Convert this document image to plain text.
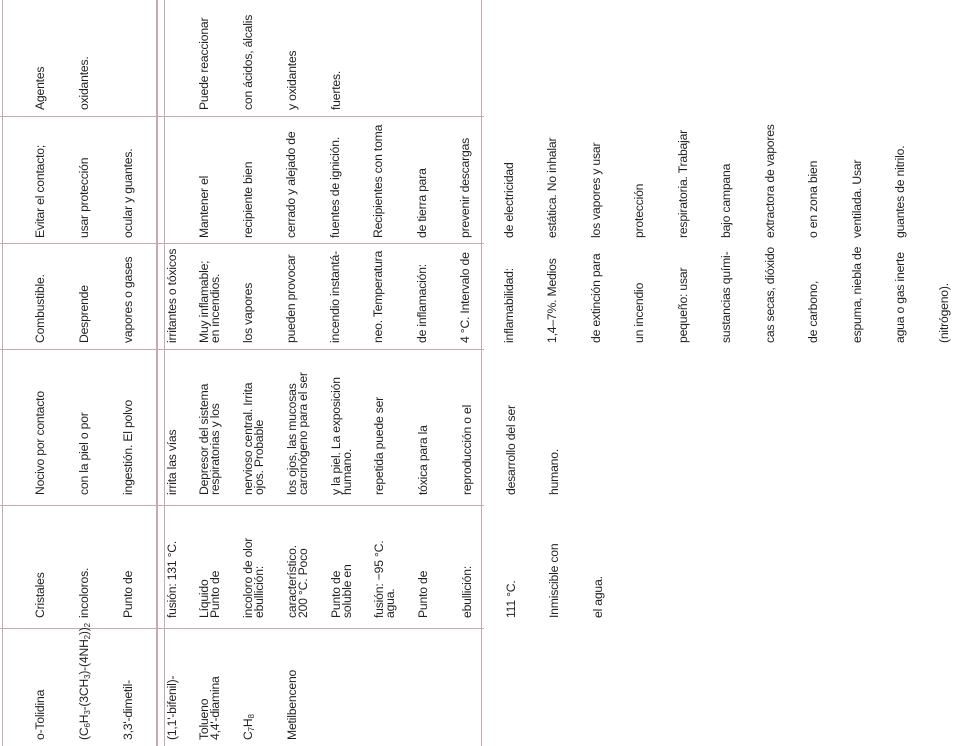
o-Tolidina

$(C_6H_3-(3CH_3)-(4NH_2))_2$

3,3'-dimetil-

(1,1'-bifenil)-

4,4'-diamina

Cristales

incoloros.

Punto de

fusión: 131 °C.

Punto de

ebullición:

200 °C. Poco

soluble en

agua.

Nocivo por contacto

con la piel o por

ingestión. El polvo

irrita las vías

respiratorias y los

ojos. Probable

carcinógeno para el ser

humano.

Combustible.

Desprende

vapores o gases

irritantes o tóxicos

en incendios.

Evitar el contacto;

usar protección

ocular y guantes.

Agentes

oxidantes.

Tolueno

$C_7H_8$

Metilbenceno

Líquido

incoloro de olor

característico.

Punto de

fusión: −95 °C.

Punto de

ebullición:

111 °C.

Inmiscible con

el agua.

Depresor del sistema

nervioso central. Irrita

los ojos, las mucosas

y la piel. La exposición

repetida puede ser

tóxica para la

reproducción o el

desarrollo del ser

humano.

Muy inflamable;

los vapores

pueden provocar

incendio instantá-

neo. Temperatura

de inflamación:

4 °C. Intervalo de

inflamabilidad:

1,4–7%. Medios

de extinción para

un incendio

pequeño: usar

sustancias quími-

cas secas, dióxido

de carbono,

espuma, niebla de

agua o gas inerte

(nitrógeno).

Mantener el

recipiente bien

cerrado y alejado de

fuentes de ignición.

Recipientes con toma

de tierra para

prevenir descargas

de electricidad

estática. No inhalar

los vapores y usar

protección

respiratoria. Trabajar

bajo campana

extractora de vapores

o en zona bien

ventilada. Usar

guantes de nitrilo.

Puede reaccionar

con ácidos, álcalis

y oxidantes

fuertes.
